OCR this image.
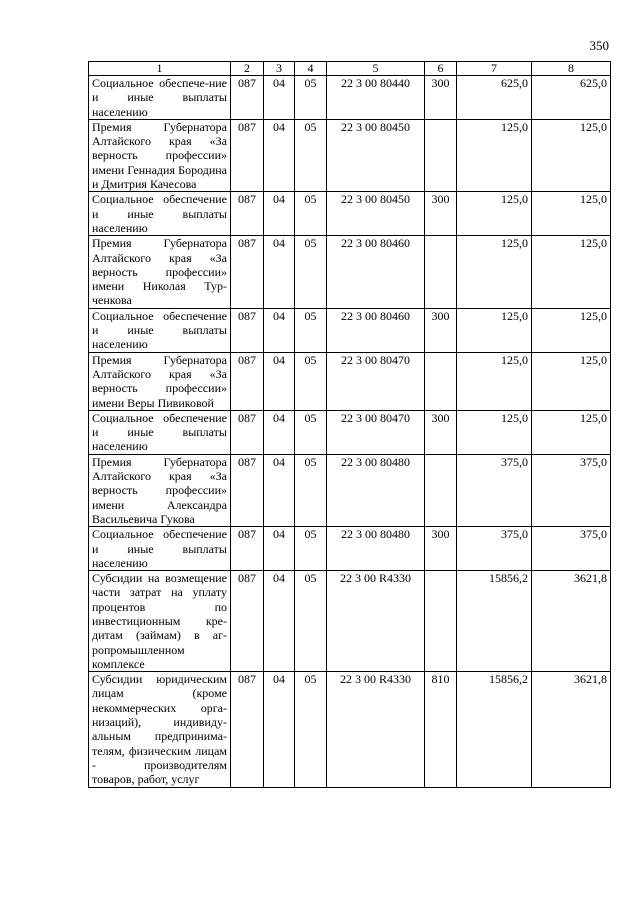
350
1	2	3	4	5	6	7	8
Социальное обеспече-ние и иные выплаты населению	087	04	05	22 3 00 80440	300	625,0	625,0
Премия Губернатора Алтайского края «За верность профессии» имени Геннадия Бородина и Дмитрия Качесова	087	04	05	22 3 00 80450		125,0	125,0
Социальное обеспечение и иные выплаты населению	087	04	05	22 3 00 80450	300	125,0	125,0
Премия Губернатора Алтайского края «За верность профессии» имени Николая Турченкова	087	04	05	22 3 00 80460		125,0	125,0
Социальное обеспечение и иные выплаты населению	087	04	05	22 3 00 80460	300	125,0	125,0
Премия Губернатора Алтайского края «За верность профессии» имени Веры Пивиковой	087	04	05	22 3 00 80470		125,0	125,0
Социальное обеспечение и иные выплаты населению	087	04	05	22 3 00 80470	300	125,0	125,0
Премия Губернатора Алтайского края «За верность профессии» имени Александра Васильевича Гукова	087	04	05	22 3 00 80480		375,0	375,0
Социальное обеспечение и иные выплаты населению	087	04	05	22 3 00 80480	300	375,0	375,0
Субсидии на возмещение части затрат на уплату процентов по инвестиционным кредитам (займам) в агропромышленном комплексе	087	04	05	22 3 00 R4330		15856,2	3621,8
Субсидии юридическим лицам (кроме некоммерческих организаций), индивидуальным предпринимателям, физическим лицам - производителям товаров, работ, услуг	087	04	05	22 3 00 R4330	810	15856,2	3621,8
